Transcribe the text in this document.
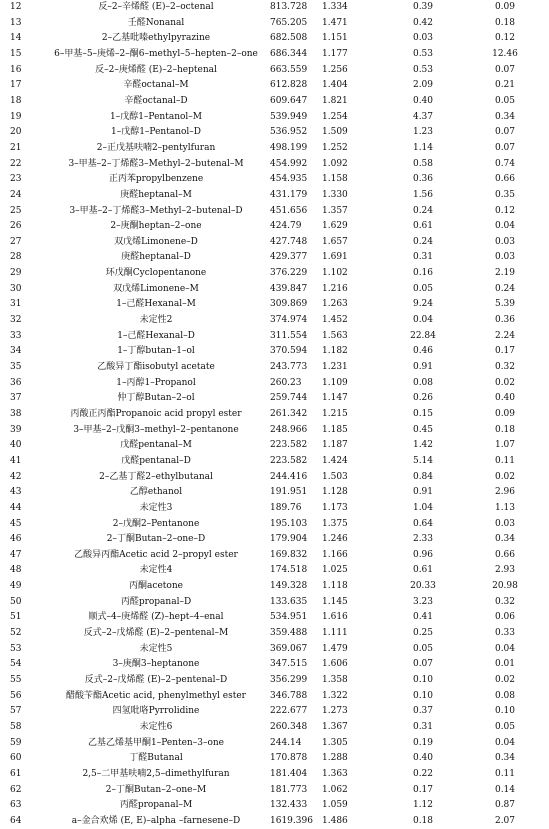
12	反–2–辛烯醛 (E)–2–octenal	813.728	1.334	0.39	0.09
13	壬醛Nonanal	765.205	1.471	0.42	0.18
14	2–乙基吡嗪ethylpyrazine	682.508	1.151	0.03	0.12
15	6–甲基–5–庚烯–2–酮6–methyl–5–hepten–2–one	686.344	1.177	0.53	12.46
16	反–2–庚烯醛 (E)–2–heptenal	663.559	1.256	0.53	0.07
17	辛醛octanal–M	612.828	1.404	2.09	0.21
18	辛醛octanal–D	609.647	1.821	0.40	0.05
19	1–戊醇1–Pentanol–M	539.949	1.254	4.37	0.34
20	1–戊醇1–Pentanol–D	536.952	1.509	1.23	0.07
21	2–正戊基呋喃2–pentylfuran	498.199	1.252	1.14	0.07
22	3–甲基–2–丁烯醛3–Methyl–2–butenal–M	454.992	1.092	0.58	0.74
23	正丙苯propylbenzene	454.935	1.158	0.36	0.66
24	庚醛heptanal–M	431.179	1.330	1.56	0.35
25	3–甲基–2–丁烯醛3–Methyl–2–butenal–D	451.656	1.357	0.24	0.12
26	2–庚酮heptan–2–one	424.79	1.629	0.61	0.04
27	双戊烯Limonene–D	427.748	1.657	0.24	0.03
28	庚醛heptanal–D	429.377	1.691	0.31	0.03
29	环戊酮Cyclopentanone	376.229	1.102	0.16	2.19
30	双戊烯Limonene–M	439.847	1.216	0.05	0.24
31	1–己醛Hexanal–M	309.869	1.263	9.24	5.39
32	未定性2	374.974	1.452	0.04	0.36
33	1–己醛Hexanal–D	311.554	1.563	22.84	2.24
34	1–丁醇butan–1–ol	370.594	1.182	0.46	0.17
35	乙酸异丁酯isobutyl acetate	243.773	1.231	0.91	0.32
36	1–丙醇1–Propanol	260.23	1.109	0.08	0.02
37	仲丁醇Butan–2–ol	259.744	1.147	0.26	0.40
38	丙酸正丙酯Propanoic acid propyl ester	261.342	1.215	0.15	0.09
39	3–甲基–2–戊酮3–methyl–2–pentanone	248.966	1.185	0.45	0.18
40	戊醛pentanal–M	223.582	1.187	1.42	1.07
41	戊醛pentanal–D	223.582	1.424	5.14	0.11
42	2–乙基丁醛2–ethylbutanal	244.416	1.503	0.84	0.02
43	乙醇ethanol	191.951	1.128	0.91	2.96
44	未定性3	189.76	1.173	1.04	1.13
45	2–戊酮2–Pentanone	195.103	1.375	0.64	0.03
46	2–丁酮Butan–2–one–D	179.904	1.246	2.33	0.34
47	乙酸异丙酯Acetic acid 2–propyl ester	169.832	1.166	0.96	0.66
48	未定性4	174.518	1.025	0.61	2.93
49	丙酮acetone	149.328	1.118	20.33	20.98
50	丙醛propanal–D	133.635	1.145	3.23	0.32
51	顺式–4–庚烯醛 (Z)–hept–4–enal	534.951	1.616	0.41	0.06
52	反式–2–戊烯醛 (E)–2–pentenal–M	359.488	1.111	0.25	0.33
53	未定性5	369.067	1.479	0.05	0.04
54	3–庚酮3–heptanone	347.515	1.606	0.07	0.01
55	反式–2–戊烯醛 (E)–2–pentenal–D	356.299	1.358	0.10	0.02
56	醋酸苄酯Acetic acid, phenylmethyl ester	346.788	1.322	0.10	0.08
57	四氢吡咯Pyrrolidine	222.677	1.273	0.37	0.10
58	未定性6	260.348	1.367	0.31	0.05
59	乙基乙烯基甲酮1–Penten–3–one	244.14	1.305	0.19	0.04
60	丁醛Butanal	170.878	1.288	0.40	0.34
61	2,5–二甲基呋喃2,5–dimethylfuran	181.404	1.363	0.22	0.11
62	2–丁酮Butan–2–one–M	181.773	1.062	0.17	0.14
63	丙醛propanal–M	132.433	1.059	1.12	0.87
64	a–金合欢烯 (E, E)–alpha –farnesene–D	1619.396	1.486	0.18	2.07
